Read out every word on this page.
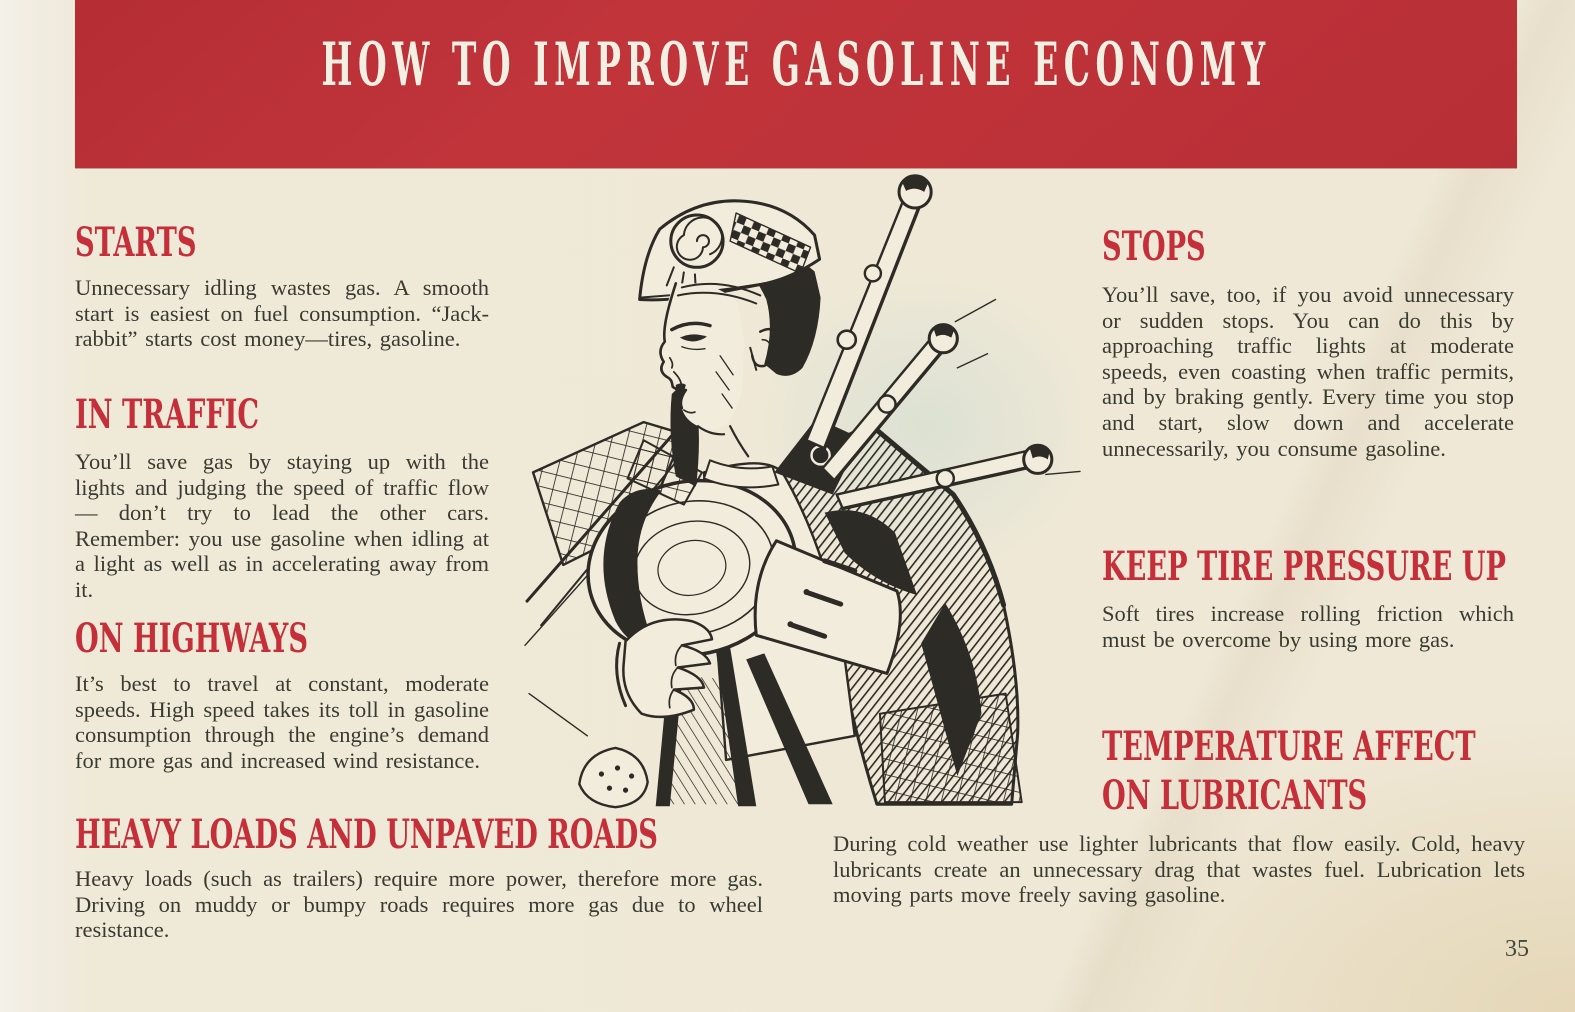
HOW TO IMPROVE GASOLINE ECONOMY
STARTS
Unnecessary idling wastes gas. A smooth start is easiest on fuel consumption. “Jack-rabbit” starts cost money—tires, gasoline.
IN TRAFFIC
You’ll save gas by staying up with the lights and judging the speed of traffic flow — don’t try to lead the other cars. Remember: you use gasoline when idling at a light as well as in accelerating away from it.
ON HIGHWAYS
It’s best to travel at constant, moderate speeds. High speed takes its toll in gasoline consumption through the engine’s demand for more gas and increased wind resistance.
HEAVY LOADS AND UNPAVED ROADS
Heavy loads (such as trailers) require more power, therefore more gas. Driving on muddy or bumpy roads requires more gas due to wheel resistance.
STOPS
You’ll save, too, if you avoid unnecessary or sudden stops. You can do this by approaching traffic lights at moderate speeds, even coasting when traffic permits, and by braking gently. Every time you stop and start, slow down and accelerate unnecessarily, you consume gasoline.
KEEP TIRE PRESSURE UP
Soft tires increase rolling friction which must be overcome by using more gas.
TEMPERATURE AFFECT
ON LUBRICANTS
During cold weather use lighter lubricants that flow easily. Cold, heavy lubricants create an unnecessary drag that wastes fuel. Lubrication lets moving parts move freely saving gasoline.
35
